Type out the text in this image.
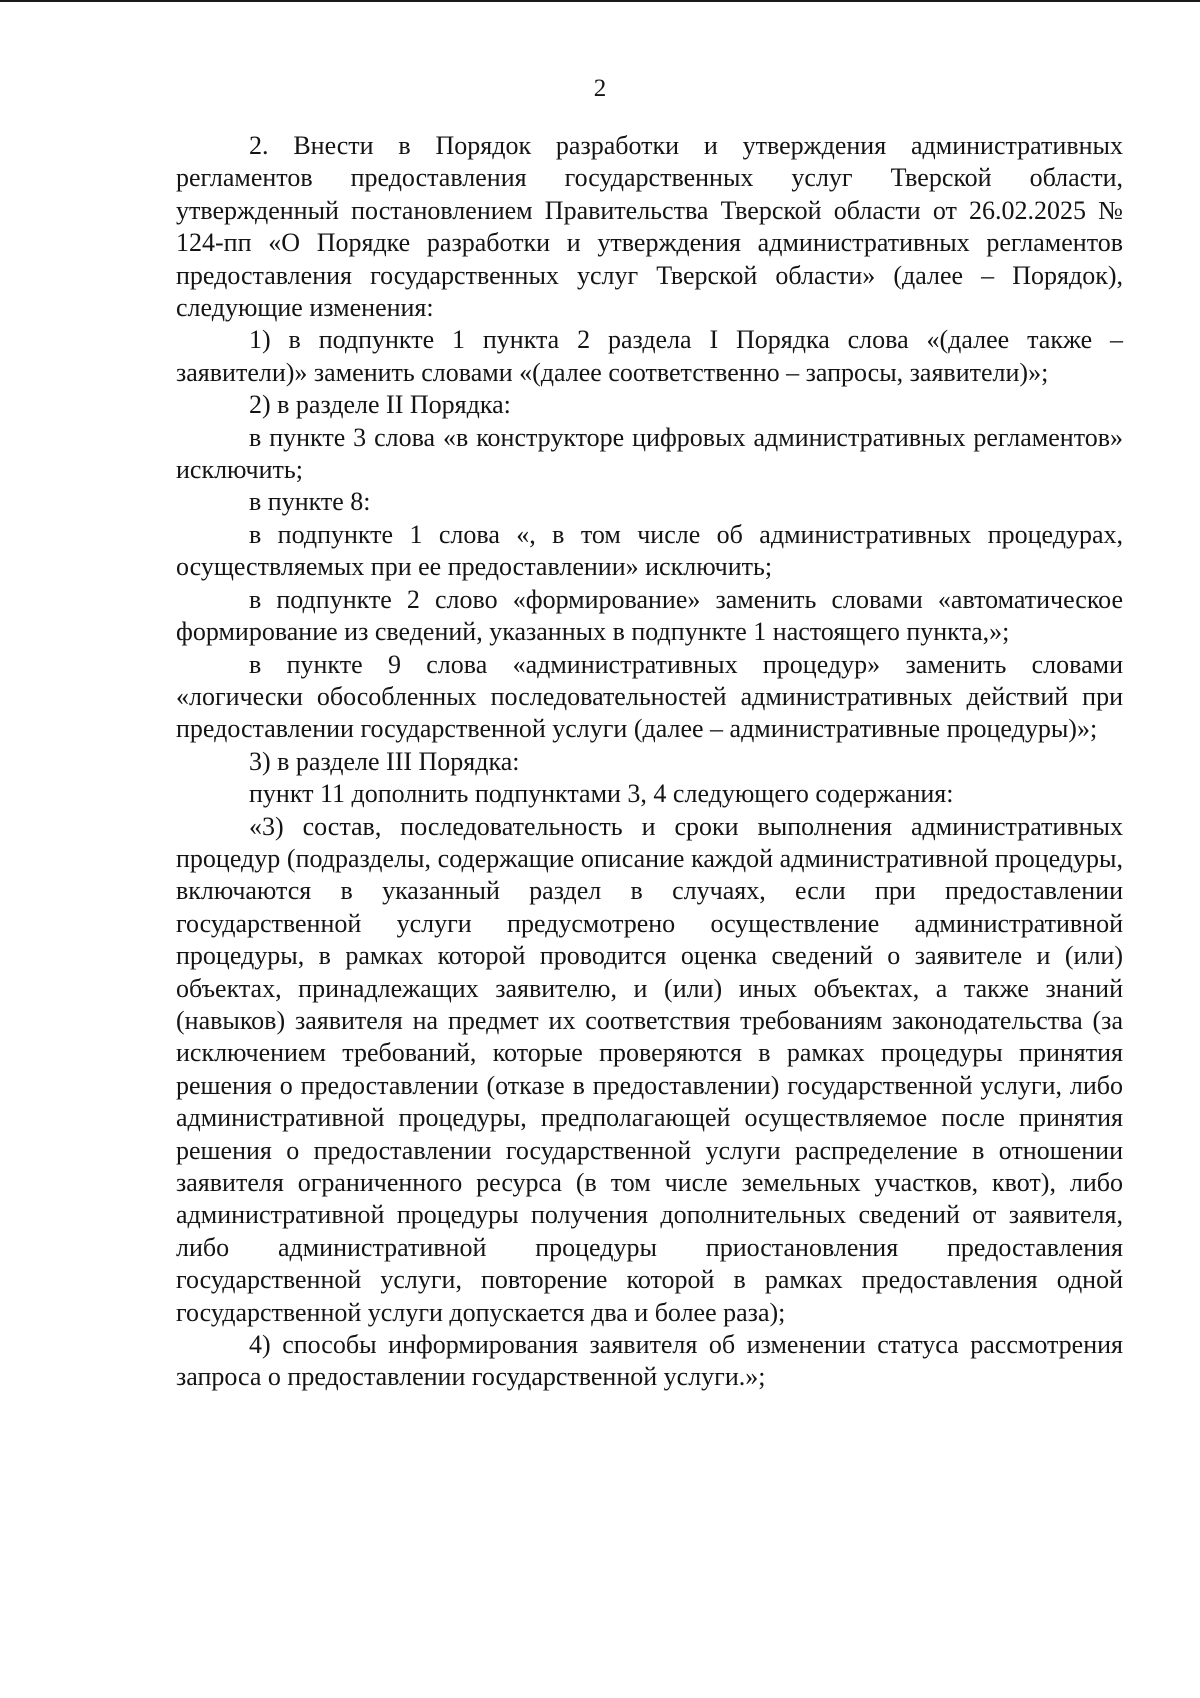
2

2. Внести в Порядок разработки и утверждения административных регламентов предоставления государственных услуг Тверской области, утвержденный постановлением Правительства Тверской области от 26.02.2025 № 124-пп «О Порядке разработки и утверждения административных регламентов предоставления государственных услуг Тверской области» (далее – Порядок), следующие изменения:

1) в подпункте 1 пункта 2 раздела I Порядка слова «(далее также – заявители)» заменить словами «(далее соответственно – запросы, заявители)»;

2) в разделе II Порядка:

в пункте 3 слова «в конструкторе цифровых административных регламентов» исключить;

в пункте 8:

в подпункте 1 слова «, в том числе об административных процедурах, осуществляемых при ее предоставлении» исключить;

в подпункте 2 слово «формирование» заменить словами «автоматическое формирование из сведений, указанных в подпункте 1 настоящего пункта,»;

в пункте 9 слова «административных процедур» заменить словами «логически обособленных последовательностей административных действий при предоставлении государственной услуги (далее – административные процедуры)»;

3) в разделе III Порядка:

пункт 11 дополнить подпунктами 3, 4 следующего содержания:

«3) состав, последовательность и сроки выполнения административных процедур (подразделы, содержащие описание каждой административной процедуры, включаются в указанный раздел в случаях, если при предоставлении государственной услуги предусмотрено осуществление административной процедуры, в рамках которой проводится оценка сведений о заявителе и (или) объектах, принадлежащих заявителю, и (или) иных объектах, а также знаний (навыков) заявителя на предмет их соответствия требованиям законодательства (за исключением требований, которые проверяются в рамках процедуры принятия решения о предоставлении (отказе в предоставлении) государственной услуги, либо административной процедуры, предполагающей осуществляемое после принятия решения о предоставлении государственной услуги распределение в отношении заявителя ограниченного ресурса (в том числе земельных участков, квот), либо административной процедуры получения дополнительных сведений от заявителя, либо административной процедуры приостановления предоставления государственной услуги, повторение которой в рамках предоставления одной государственной услуги допускается два и более раза);

4) способы информирования заявителя об изменении статуса рассмотрения запроса о предоставлении государственной услуги.»;
